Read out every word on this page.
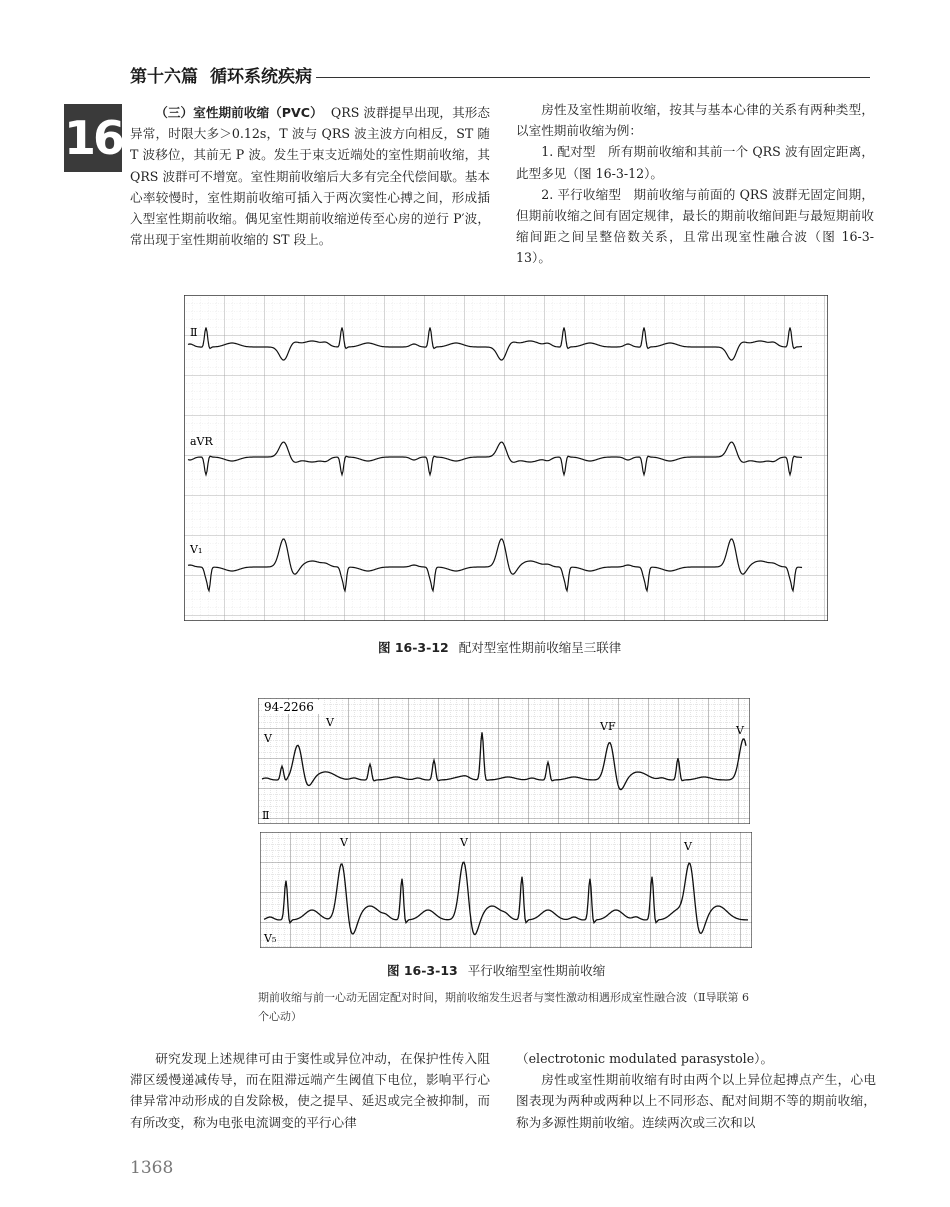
第十六篇 循环系统疾病
16	（三）室性期前收缩（PVC） QRS 波群提早出现，其形态异常，时限大多＞0.12s，T 波与 QRS 波主波方向相反，ST 随 T 波移位，其前无 P 波。发生于束支近端处的室性期前收缩，其 QRS 波群可不增宽。室性期前收缩后大多有完全代偿间歇。基本心率较慢时，室性期前收缩可插入于两次窦性心搏之间，形成插入型室性期前收缩。偶见室性期前收缩逆传至心房的逆行 P′波，常出现于室性期前收缩的 ST 段上。

房性及室性期前收缩，按其与基本心律的关系有两种类型，以室性期前收缩为例：

1. 配对型 所有期前收缩和其前一个 QRS 波有固定距离，此型多见（图 16-3-12）。

2. 平行收缩型 期前收缩与前面的 QRS 波群无固定间期，但期前收缩之间有固定规律，最长的期前收缩间距与最短期前收缩间距之间呈整倍数关系，且常出现室性融合波（图 16-3-13）。

Ⅱ
aVR
V₁
图 16-3-12 配对型室性期前收缩呈三联律
94-2266
V
V	VF	V
Ⅱ
V	V	V
V₅
图 16-3-13 平行收缩型室性期前收缩
期前收缩与前一心动无固定配对时间，期前收缩发生迟者与窦性激动相遇形成室性融合波（Ⅱ导联第 6 个心动）

研究发现上述规律可由于窦性或异位冲动，在保护性传入阻滞区缓慢递减传导，而在阻滞远端产生阈值下电位，影响平行心律异常冲动形成的自发除极，使之提早、延迟或完全被抑制，而有所改变，称为电张电流调变的平行心律

（electrotonic modulated parasystole）。

房性或室性期前收缩有时由两个以上异位起搏点产生，心电图表现为两种或两种以上不同形态、配对间期不等的期前收缩，称为多源性期前收缩。连续两次或三次和以

1368
